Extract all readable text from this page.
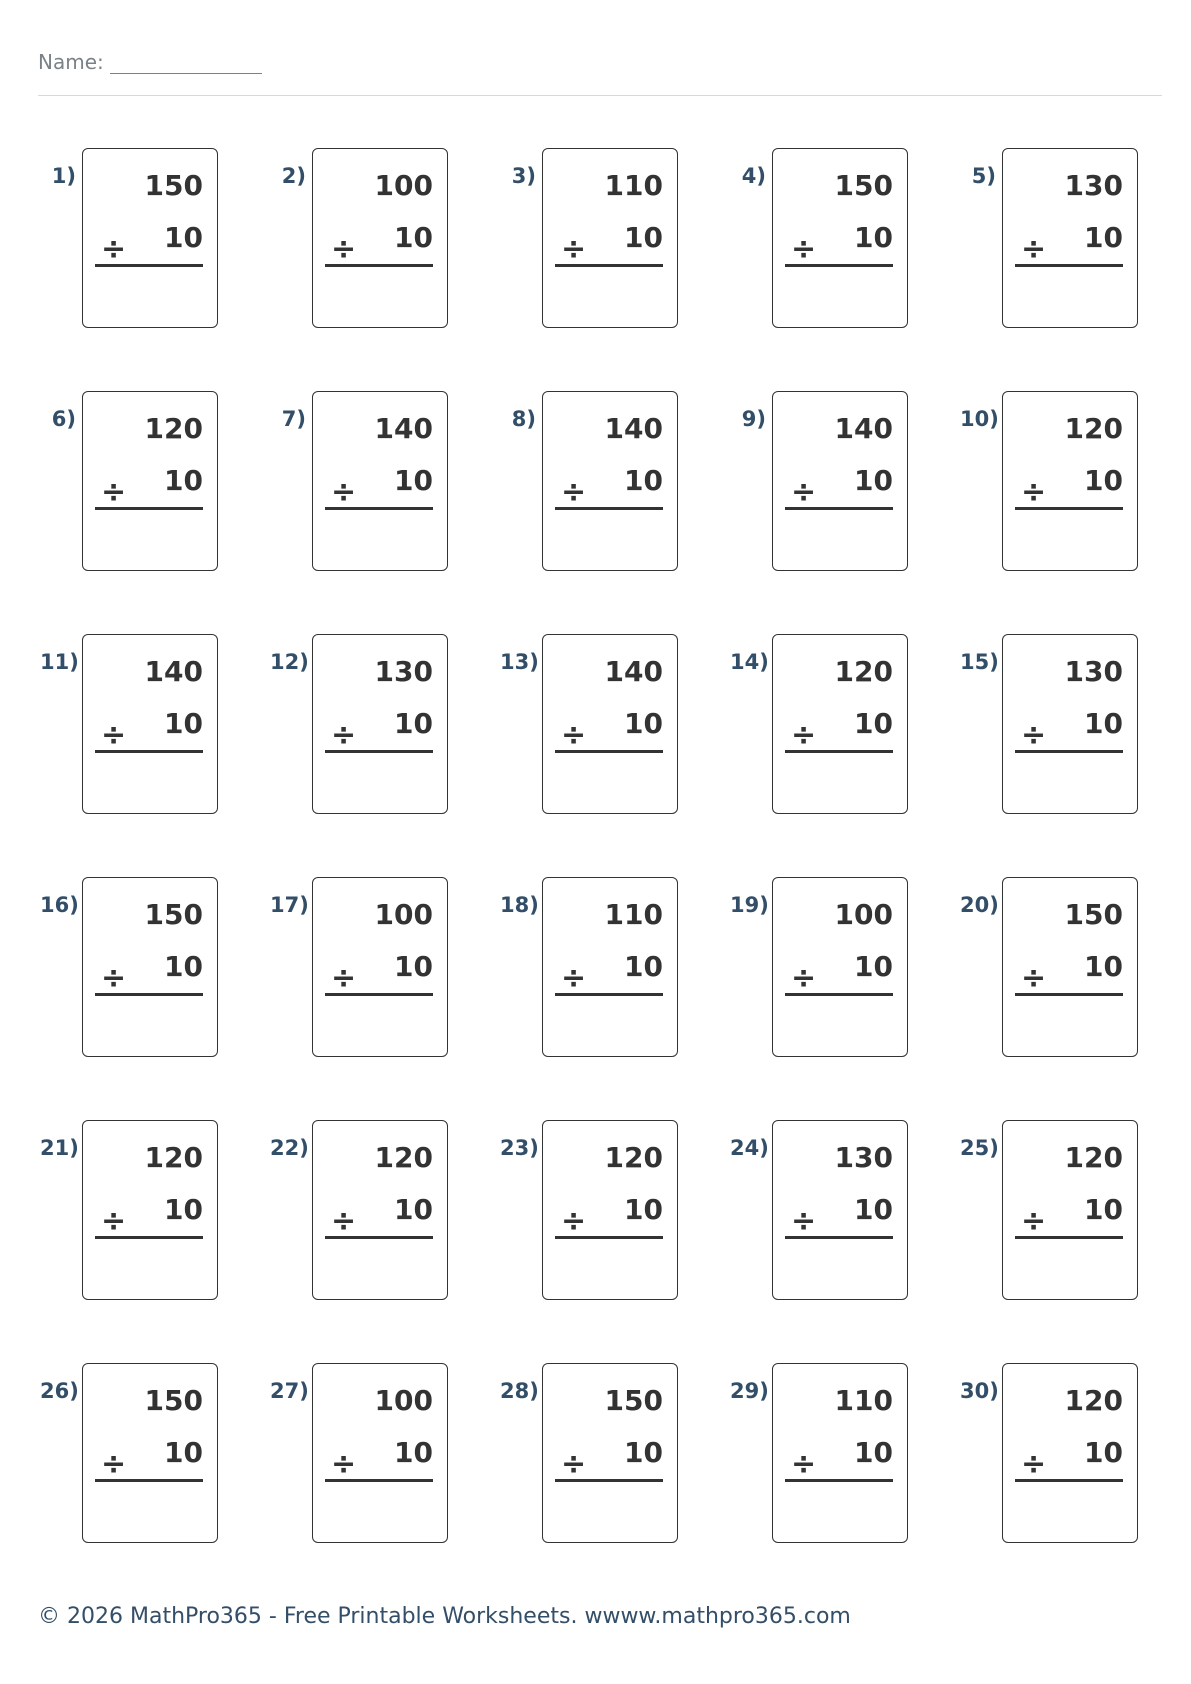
Name:
1) 150
10
÷
2) 100
10
÷
3) 110
10
÷
4) 150
10
÷
5) 130
10
÷
6) 120
10
÷
7) 140
10
÷
8) 140
10
÷
9) 140
10
÷
10) 120
10
÷
11) 140
10
÷
12) 130
10
÷
13) 140
10
÷
14) 120
10
÷
15) 130
10
÷
16) 150
10
÷
17) 100
10
÷
18) 110
10
÷
19) 100
10
÷
20) 150
10
÷
21) 120
10
÷
22) 120
10
÷
23) 120
10
÷
24) 130
10
÷
25) 120
10
÷
26) 150
10
÷
27) 100
10
÷
28) 150
10
÷
29) 110
10
÷
30) 120
10
÷
© 2026 MathPro365 - Free Printable Worksheets. wwww.mathpro365.com
